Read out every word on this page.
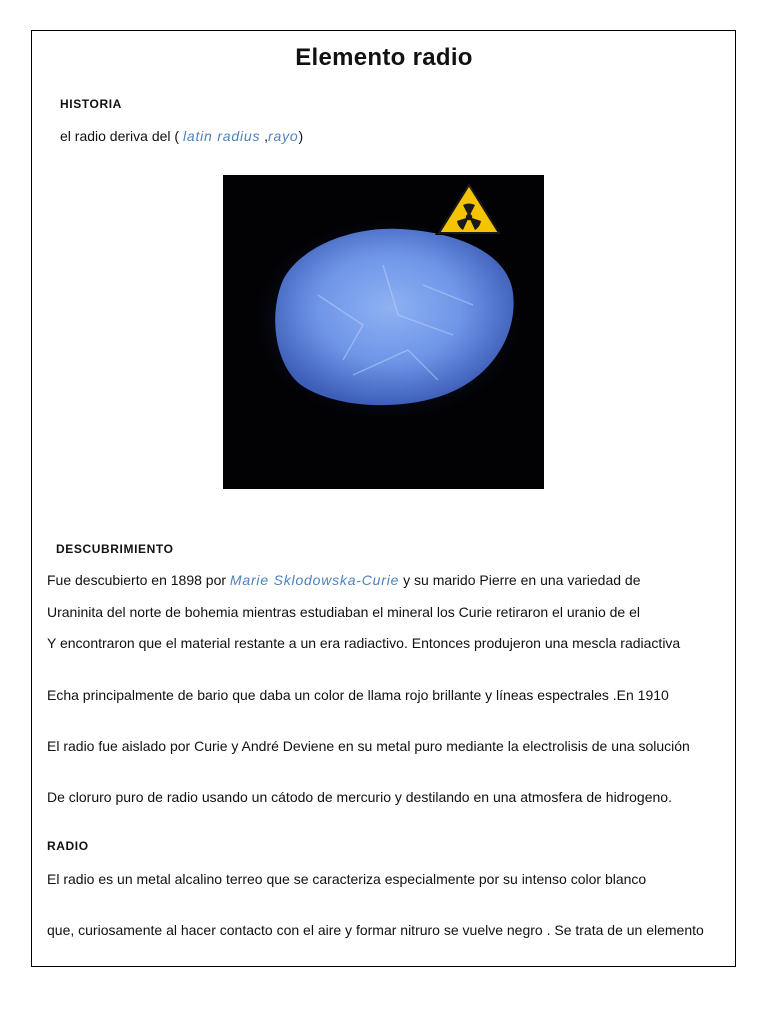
Elemento radio
HISTORIA
el radio deriva del ( latin radius ,rayo)
DESCUBRIMIENTO
Fue descubierto en 1898 por Marie Sklodowska-Curie y su marido Pierre en una variedad de
Uraninita del norte de bohemia mientras estudiaban el mineral los Curie retiraron el uranio de el
Y encontraron que el material restante a un era radiactivo. Entonces produjeron una mescla radiactiva
Echa principalmente de bario que daba un color de llama rojo brillante y líneas espectrales .En 1910
El radio fue aislado por Curie y André Deviene en su metal puro mediante la electrolisis de una solución
De cloruro puro de radio usando un cátodo de mercurio y destilando en una atmosfera de hidrogeno.
RADIO
El radio es un metal alcalino terreo que se caracteriza especialmente por su intenso color blanco
que, curiosamente al hacer contacto con el aire y formar nitruro se vuelve negro . Se trata de un elemento
